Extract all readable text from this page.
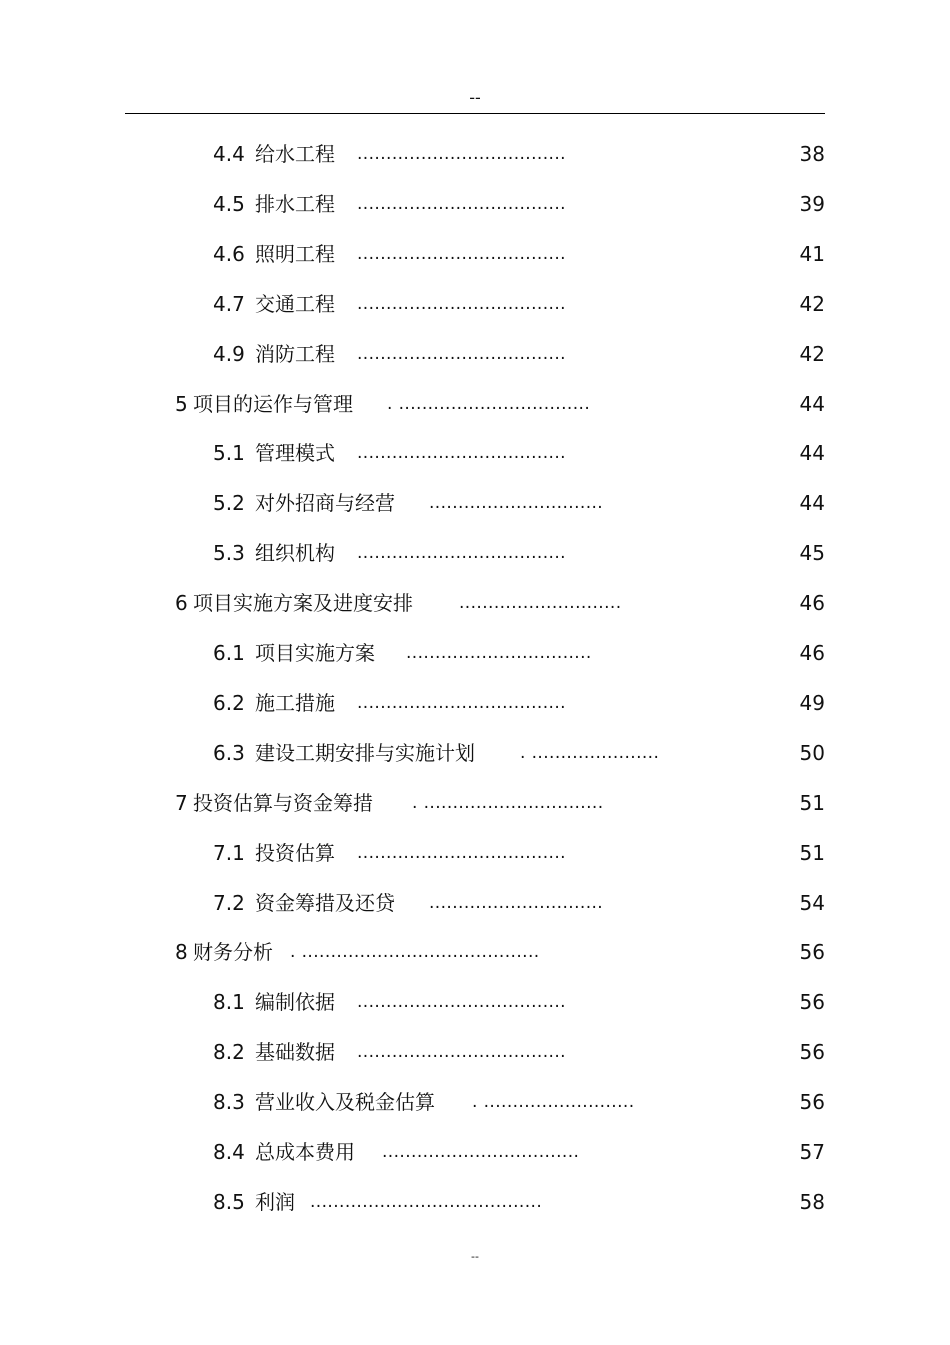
--
4.4 给水工程 ....................................	38
4.5 排水工程 ....................................	39
4.6 照明工程 ....................................	41
4.7 交通工程 ....................................	42
4.9 消防工程 ....................................	42
5 项目的运作与管理 . .................................	44
5.1 管理模式 ....................................	44
5.2 对外招商与经营 ..............................	44
5.3 组织机构 ....................................	45
6 项目实施方案及进度安排	............................	46
6.1 项目实施方案 ................................	46
6.2 施工措施 ....................................	49
6.3 建设工期安排与实施计划	. ......................	50
7 投资估算与资金筹措 . ...............................	51
7.1 投资估算 ....................................	51
7.2 资金筹措及还贷 ..............................	54
8 财务分析 . .........................................	56
8.1 编制依据 ....................................	56
8.2 基础数据 ....................................	56
8.3 营业收入及税金估算 . ..........................	56
8.4 总成本费用 ..................................	57
8.5 利润 ........................................	58
--
